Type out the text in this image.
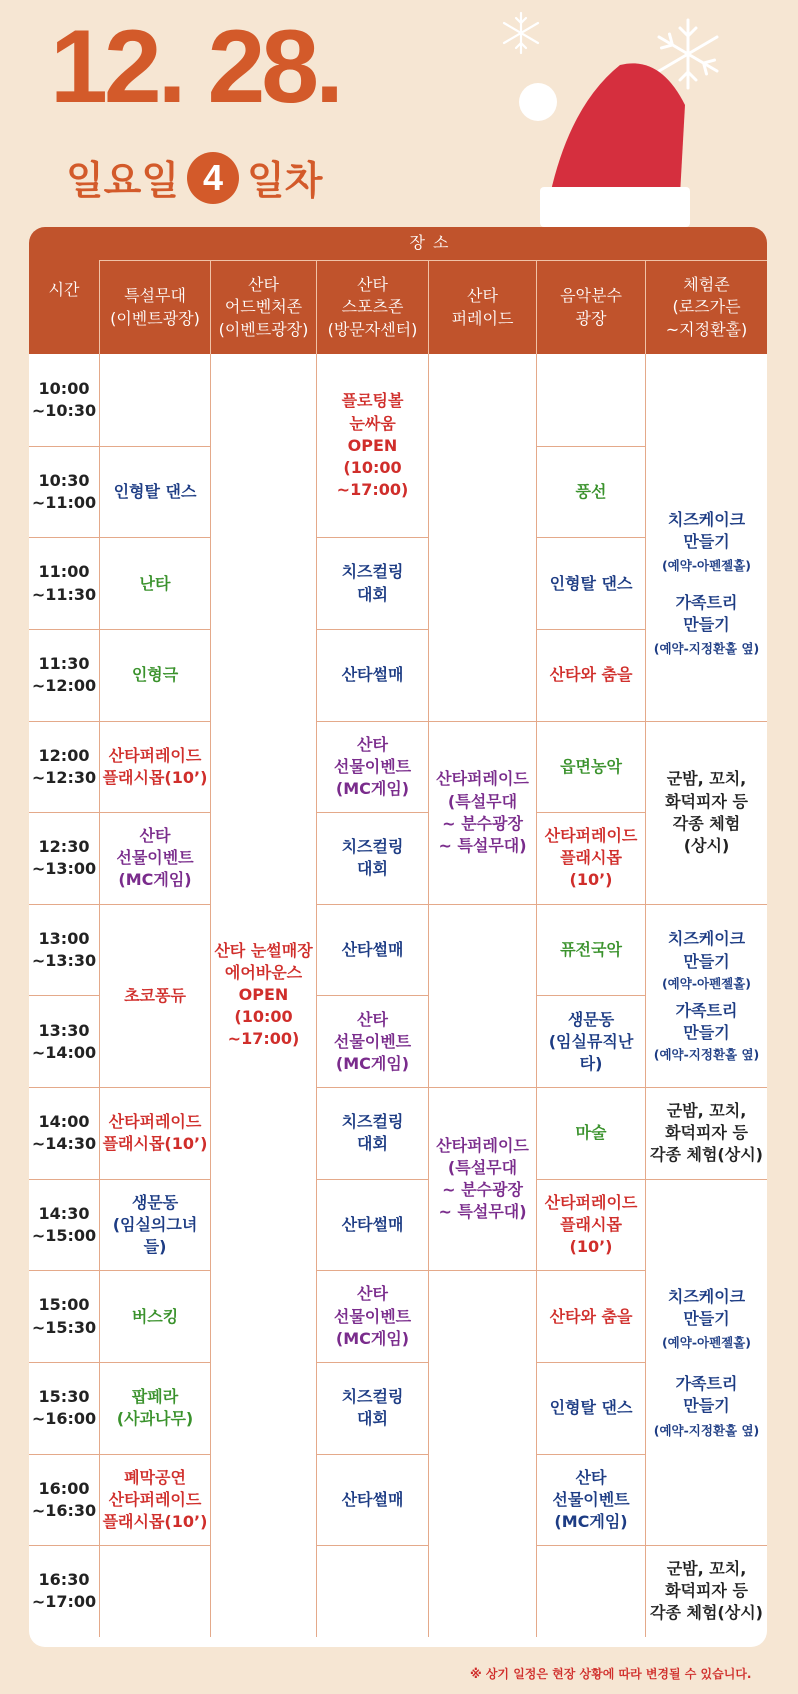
12. 28.
일요일 4 일차
시간
장소
특설무대
(이벤트광장)
산타
어드벤처존
(이벤트광장)
산타
스포츠존
(방문자센터)
산타
퍼레이드
음악분수
광장
체험존
(로즈가든
~지정환홀)
10:00
~10:30
10:30
~11:00
11:00
~11:30
11:30
~12:00
12:00
~12:30
12:30
~13:00
13:00
~13:30
13:30
~14:00
14:00
~14:30
14:30
~15:00
15:00
~15:30
15:30
~16:00
16:00
~16:30
16:30
~17:00
인형탈 댄스
난타
인형극
산타퍼레이드
플래시몹(10’)
산타
선물이벤트
(MC게임)
초코퐁듀
산타퍼레이드
플래시몹(10’)
생문동
(임실의그녀들)
버스킹
팝페라
(사과나무)
폐막공연
산타퍼레이드
플래시몹(10’)
산타 눈썰매장
에어바운스
OPEN
(10:00
~17:00)
플로팅볼
눈싸움
OPEN
(10:00
~17:00)
치즈컬링
대회
산타썰매
산타
선물이벤트
(MC게임)
치즈컬링
대회
산타썰매
산타
선물이벤트
(MC게임)
치즈컬링
대회
산타썰매
산타
선물이벤트
(MC게임)
치즈컬링
대회
산타썰매
산타퍼레이드
(특설무대
~ 분수광장
~ 특설무대)
산타퍼레이드
(특설무대
~ 분수광장
~ 특설무대)
풍선
인형탈 댄스
산타와 춤을
읍면농악
산타퍼레이드
플래시몹(10’)
퓨전국악
생문동
(임실뮤직난타)
마술
산타퍼레이드
플래시몹(10’)
산타와 춤을
인형탈 댄스
산타
선물이벤트
(MC게임)
치즈케이크
만들기
(예약-아펜젤홀)
가족트리
만들기
(예약-지정환홀 옆)
군밤, 꼬치,
화덕피자 등
각종 체험
(상시)
치즈케이크
만들기
(예약-아펜젤홀)
가족트리
만들기
(예약-지정환홀 옆)
군밤, 꼬치,
화덕피자 등
각종 체험(상시)
치즈케이크
만들기
(예약-아펜젤홀)
가족트리
만들기
(예약-지정환홀 옆)
군밤, 꼬치,
화덕피자 등
각종 체험(상시)
※ 상기 일정은 현장 상황에 따라 변경될 수 있습니다.
